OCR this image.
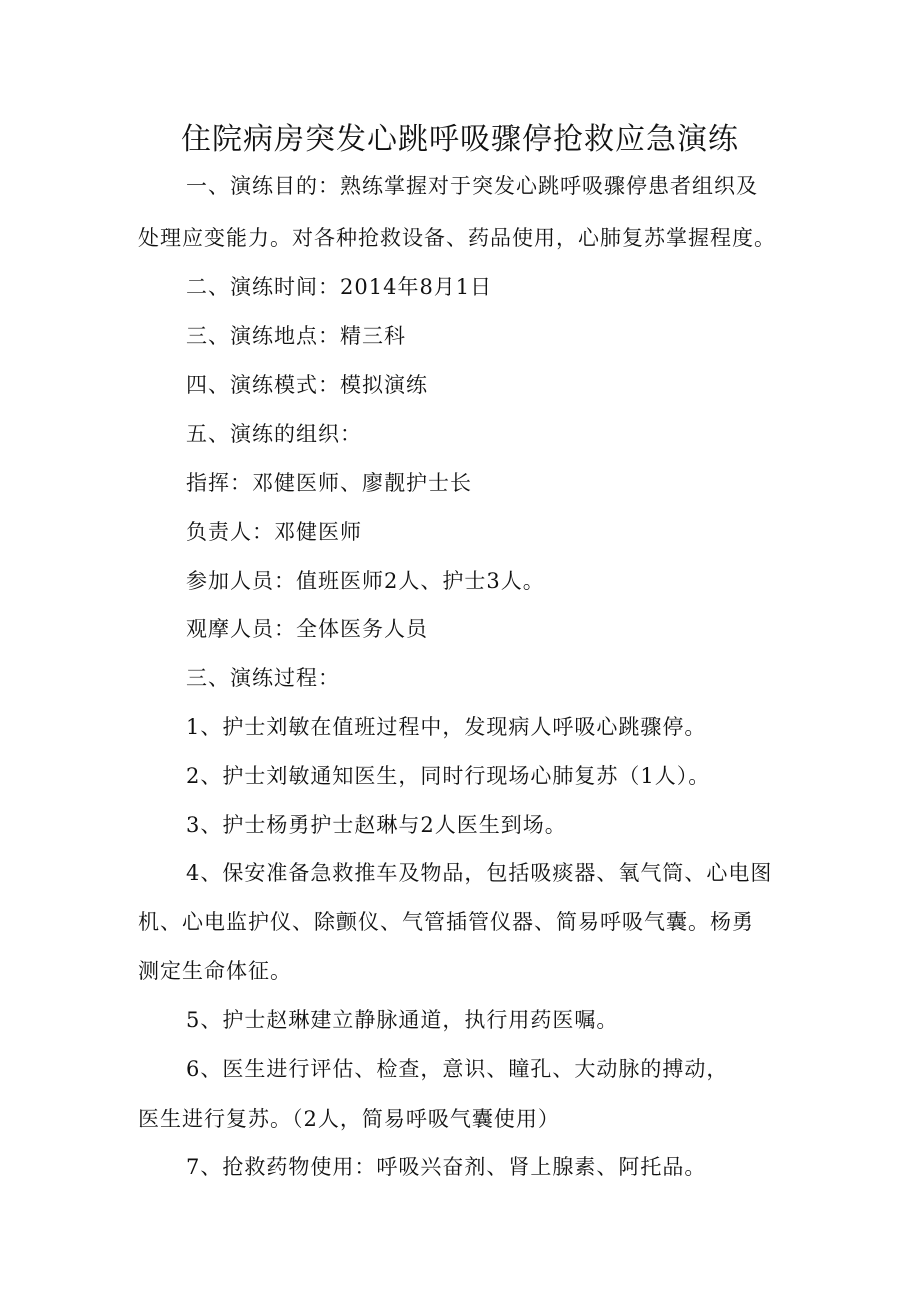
住院病房突发心跳呼吸骤停抢救应急演练
一、演练目的：熟练掌握对于突发心跳呼吸骤停患者组织及
处理应变能力。对各种抢救设备、药品使用，心肺复苏掌握程度。
二、演练时间：2014年8月1日
三、演练地点：精三科
四、演练模式：模拟演练
五、演练的组织：
指挥：邓健医师、廖靓护士长
负责人：邓健医师
参加人员：值班医师2人、护士3人。
观摩人员：全体医务人员
三、演练过程：
1、护士刘敏在值班过程中，发现病人呼吸心跳骤停。
2、护士刘敏通知医生，同时行现场心肺复苏（1人）。
3、护士杨勇护士赵琳与2人医生到场。
4、保安准备急救推车及物品，包括吸痰器、氧气筒、心电图
机、心电监护仪、除颤仪、气管插管仪器、简易呼吸气囊。杨勇
测定生命体征。
5、护士赵琳建立静脉通道，执行用药医嘱。
6、医生进行评估、检查，意识、瞳孔、大动脉的搏动，
医生进行复苏。（2人，简易呼吸气囊使用）
7、抢救药物使用：呼吸兴奋剂、肾上腺素、阿托品。
